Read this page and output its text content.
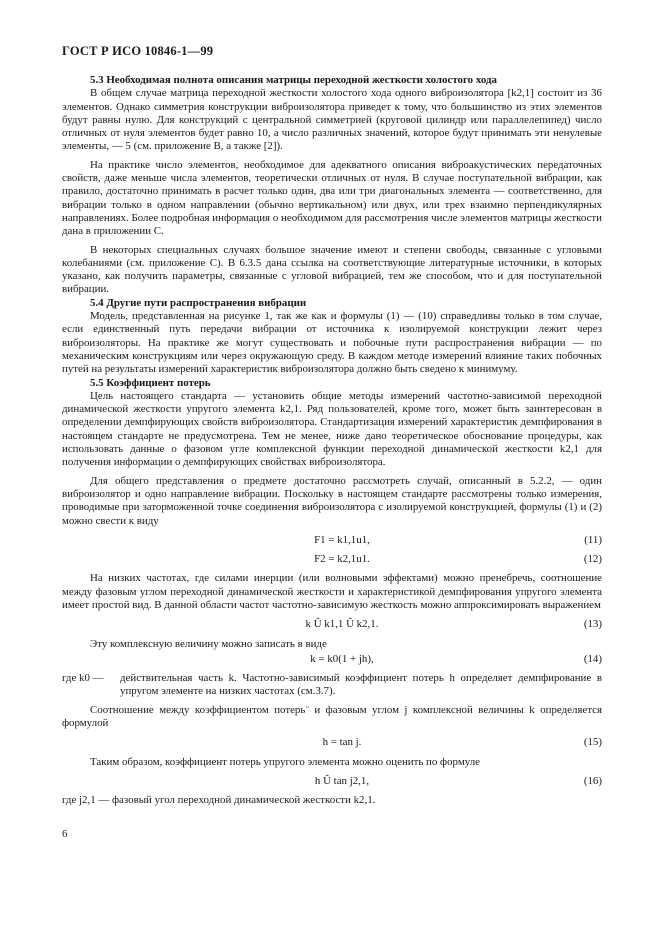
ГОСТ Р ИСО 10846-1—99
5.3 Необходимая полнота описания матрицы переходной жесткости холостого хода

В общем случае матрица переходной жесткости холостого хода одного виброизолятора [k2,1] состоит из 36 элементов. Однако симметрия конструкции виброизолятора приведет к тому, что большинство из этих элементов будут равны нулю. Для конструкций с центральной симметрией (круговой цилиндр или параллелепипед) число отличных от нуля элементов будет равно 10, а число различных значений, которое будут принимать эти ненулевые элементы, — 5 (см. приложение В, а также [2]).

На практике число элементов, необходимое для адекватного описания виброакустических передаточных свойств, даже меньше числа элементов, теоретически отличных от нуля. В случае поступательной вибрации, как правило, достаточно принимать в расчет только один, два или три диагональных элемента — соответственно, для вибрации только в одном направлении (обычно вертикальном) или двух, или трех взаимно перпендикулярных направлениях. Более подробная информация о необходимом для рассмотрения числе элементов матрицы жесткости дана в приложении С.

В некоторых специальных случаях большое значение имеют и степени свободы, связанные с угловыми колебаниями (см. приложение С). В 6.3.5 дана ссылка на соответствующие литературные источники, в которых указано, как получить параметры, связанные с угловой вибрацией, тем же способом, что и для поступательной вибрации.

5.4 Другие пути распространения вибрации

Модель, представленная на рисунке 1, так же как и формулы (1) — (10) справедливы только в том случае, если единственный путь передачи вибрации от источника к изолируемой конструкции лежит через виброизоляторы. На практике же могут существовать и побочные пути распространения вибрации — по механическим конструкциям или через окружающую среду. В каждом методе измерений влияние таких побочных путей на результаты измерений характеристик виброизолятора должно быть сведено к минимуму.

5.5 Коэффициент потерь

Цель настоящего стандарта — установить общие методы измерений частотно-зависимой переходной динамической жесткости упругого элемента k2,1. Ряд пользователей, кроме того, может быть заинтересован в определении демпфирующих свойств виброизолятора. Стандартизация измерений характеристик демпфирования в настоящем стандарте не предусмотрена. Тем не менее, ниже дано теоретическое обоснование процедуры, как использовать данные о фазовом угле комплексной функции переходной динамической жесткости k2,1 для получения информации о демпфирующих свойствах виброизолятора.

Для общего представления о предмете достаточно рассмотреть случай, описанный в 5.2.2, — один виброизолятор и одно направление вибрации. Поскольку в настоящем стандарте рассмотрены только измерения, проводимые при заторможенной точке соединения виброизолятора с изолируемой конструкцией, формулы (1) и (2) можно свести к виду

F1 = k1,1u1,	(11)
F2 = k2,1u1.	(12)

На низких частотах, где силами инерции (или волновыми эффектами) можно пренебречь, соотношение между фазовым углом переходной динамической жесткости и характеристикой демпфирования упругого элемента имеет простой вид. В данной области частот частотно-зависимую жесткость можно аппроксимировать выражением

k Û k1,1 Û k2,1.	(13)

Эту комплексную величину можно записать в виде

k = k0(1 + jh),	(14)
где k0 —	действительная часть k. Частотно-зависимый коэффициент потерь h определяет демпфирование в упругом элементе на низких частотах (см.3.7).

Соотношение между коэффициентом потерь¨ и фазовым углом j комплексной величины k определяется формулой

h = tan j.	(15)

Таким образом, коэффициент потерь упругого элемента можно оценить по формуле

h Û tan j2,1,	(16)

где j2,1 — фазовый угол переходной динамической жесткости k2,1.

6
